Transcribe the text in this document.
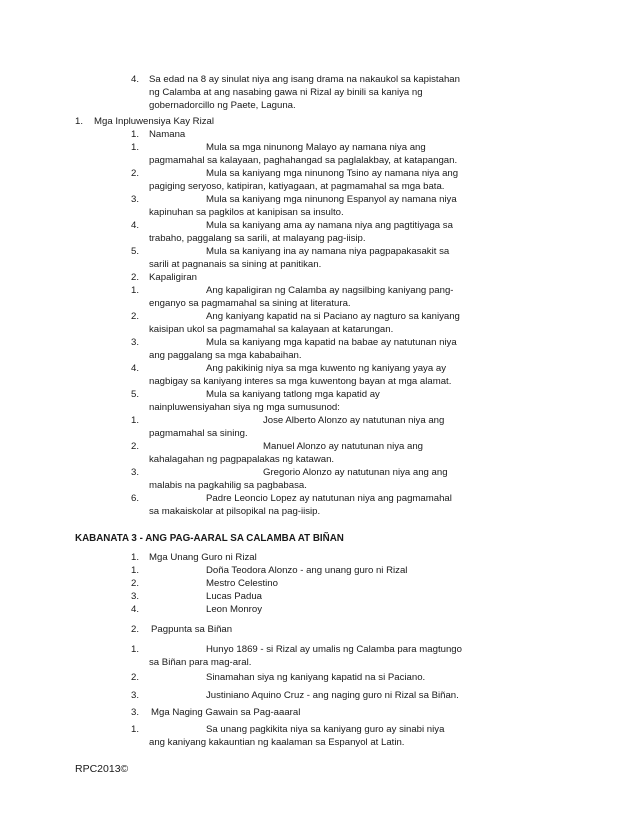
4. Sa edad na 8 ay sinulat niya ang isang drama na nakaukol sa kapistahan
ng Calamba at ang nasabing gawa ni Rizal ay binili sa kaniya ng
gobernadorcillo ng Paete, Laguna.
1. Mga Inpluwensiya Kay Rizal
1. Namana
1.	Mula sa mga ninunong Malayo ay namana niya ang
pagmamahal sa kalayaan, paghahangad sa paglalakbay, at katapangan.
2.	Mula sa kaniyang mga ninunong Tsino ay namana niya ang
pagiging seryoso, katipiran, katiyagaan, at pagmamahal sa mga bata.
3.	Mula sa kaniyang mga ninunong Espanyol ay namana niya
kapinuhan sa pagkilos at kanipisan sa insulto.
4.	Mula sa kaniyang ama ay namana niya ang pagtitiyaga sa
trabaho, paggalang sa sarili, at malayang pag-iisip.
5.	Mula sa kaniyang ina ay namana niya pagpapakasakit sa
sarili at pagnanais sa sining at panitikan.
2. Kapaligiran
1.	Ang kapaligiran ng Calamba ay nagsilbing kaniyang pang-
enganyo sa pagmamahal sa sining at literatura.
2.	Ang kaniyang kapatid na si Paciano ay nagturo sa kaniyang
kaisipan ukol sa pagmamahal sa kalayaan at katarungan.
3.	Mula sa kaniyang mga kapatid na babae ay natutunan niya
ang paggalang sa mga kababaihan.
4.	Ang pakikinig niya sa mga kuwento ng kaniyang yaya ay
nagbigay sa kaniyang interes sa mga kuwentong bayan at mga alamat.
5.	Mula sa kaniyang tatlong mga kapatid ay
nainpluwensiyahan siya ng mga sumusunod:
1.	Jose Alberto Alonzo ay natutunan niya ang
pagmamahal sa sining.
2.	Manuel Alonzo ay natutunan niya ang
kahalagahan ng pagpapalakas ng katawan.
3.	Gregorio Alonzo ay natutunan niya ang ang
malabis na pagkahilig sa pagbabasa.
6.	Padre Leoncio Lopez ay natutunan niya ang pagmamahal
sa makaiskolar at pilsopikal na pag-iisip.
KABANATA 3 - ANG PAG-AARAL SA CALAMBA AT BIÑAN
1. Mga Unang Guro ni Rizal
1.	Doña Teodora Alonzo - ang unang guro ni Rizal
2.	Mestro Celestino
3.	Lucas Padua
4.	Leon Monroy
2. Pagpunta sa Biñan
1.	Hunyo 1869 - si Rizal ay umalis ng Calamba para magtungo
sa Biñan para mag-aral.
2.	Sinamahan siya ng kaniyang kapatid na si Paciano.
3.	Justiniano Aquino Cruz - ang naging guro ni Rizal sa Biñan.
3. Mga Naging Gawain sa Pag-aaaral
1.	Sa unang pagkikita niya sa kaniyang guro ay sinabi niya
ang kaniyang kakauntian ng kaalaman sa Espanyol at Latin.
RPC2013©
